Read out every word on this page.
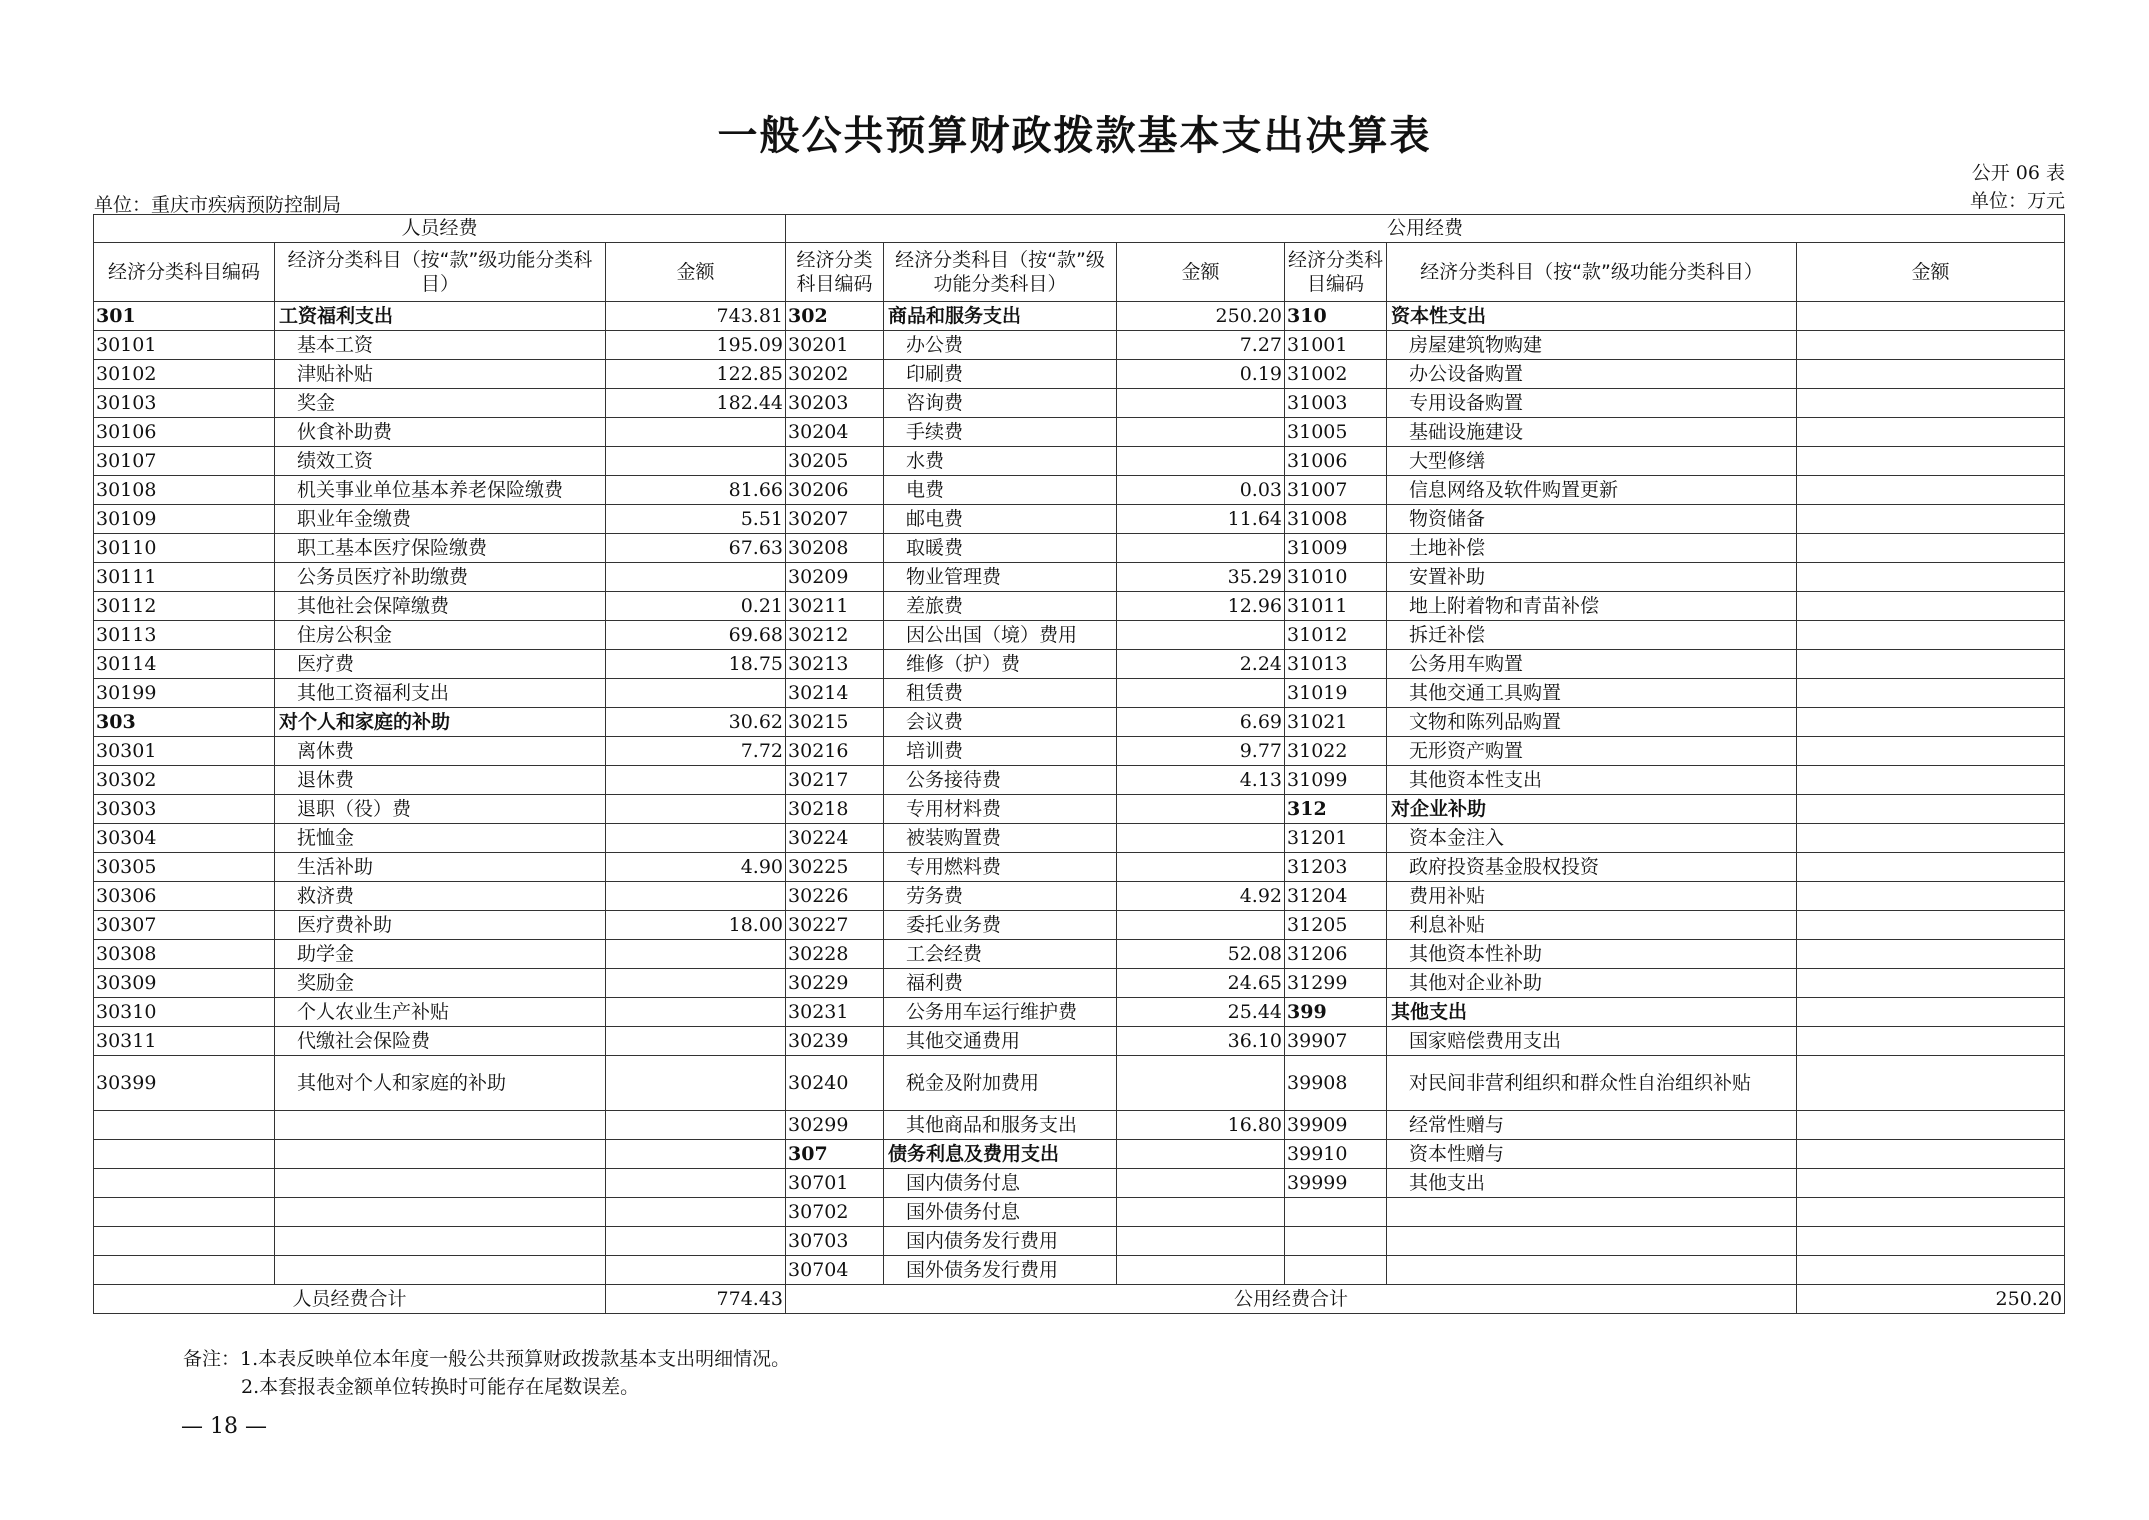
一般公共预算财政拨款基本支出决算表
公开 06 表
单位：重庆市疾病预防控制局	单位：万元
人员经费			公用经费					
经济分类科目编码	经济分类科目（按“款”级功能分类科目）	金额	经济分类科目编码	经济分类科目（按“款”级功能分类科目）	金额	经济分类科目编码	经济分类科目（按“款”级功能分类科目）	金额
301	工资福利支出	743.81	302	商品和服务支出	250.20	310	资本性支出	
30101	基本工资	195.09	30201	办公费	7.27	31001	房屋建筑物购建	
30102	津贴补贴	122.85	30202	印刷费	0.19	31002	办公设备购置	
30103	奖金	182.44	30203	咨询费		31003	专用设备购置	
30106	伙食补助费		30204	手续费		31005	基础设施建设	
30107	绩效工资		30205	水费		31006	大型修缮	
30108	机关事业单位基本养老保险缴费	81.66	30206	电费	0.03	31007	信息网络及软件购置更新	
30109	职业年金缴费	5.51	30207	邮电费	11.64	31008	物资储备	
30110	职工基本医疗保险缴费	67.63	30208	取暖费		31009	土地补偿	
30111	公务员医疗补助缴费		30209	物业管理费	35.29	31010	安置补助	
30112	其他社会保障缴费	0.21	30211	差旅费	12.96	31011	地上附着物和青苗补偿	
30113	住房公积金	69.68	30212	因公出国（境）费用		31012	拆迁补偿	
30114	医疗费	18.75	30213	维修（护）费	2.24	31013	公务用车购置	
30199	其他工资福利支出		30214	租赁费		31019	其他交通工具购置	
303	对个人和家庭的补助	30.62	30215	会议费	6.69	31021	文物和陈列品购置	
30301	离休费	7.72	30216	培训费	9.77	31022	无形资产购置	
30302	退休费		30217	公务接待费	4.13	31099	其他资本性支出	
30303	退职（役）费		30218	专用材料费		312	对企业补助	
30304	抚恤金		30224	被装购置费		31201	资本金注入	
30305	生活补助	4.90	30225	专用燃料费		31203	政府投资基金股权投资	
30306	救济费		30226	劳务费	4.92	31204	费用补贴	
30307	医疗费补助	18.00	30227	委托业务费		31205	利息补贴	
30308	助学金		30228	工会经费	52.08	31206	其他资本性补助	
30309	奖励金		30229	福利费	24.65	31299	其他对企业补助	
30310	个人农业生产补贴		30231	公务用车运行维护费	25.44	399	其他支出	
30311	代缴社会保险费		30239	其他交通费用	36.10	39907	国家赔偿费用支出	
30399	其他对个人和家庭的补助		30240	税金及附加费用		39908	对民间非营利组织和群众性自治组织补贴	
			30299	其他商品和服务支出	16.80	39909	经常性赠与	
			307	债务利息及费用支出		39910	资本性赠与	
			30701	国内债务付息		39999	其他支出	
			30702	国外债务付息				
			30703	国内债务发行费用				
			30704	国外债务发行费用				
人员经费合计		774.43	公用经费合计					250.20
备注：1.本表反映单位本年度一般公共预算财政拨款基本支出明细情况。
2.本套报表金额单位转换时可能存在尾数误差。
— 18 —
